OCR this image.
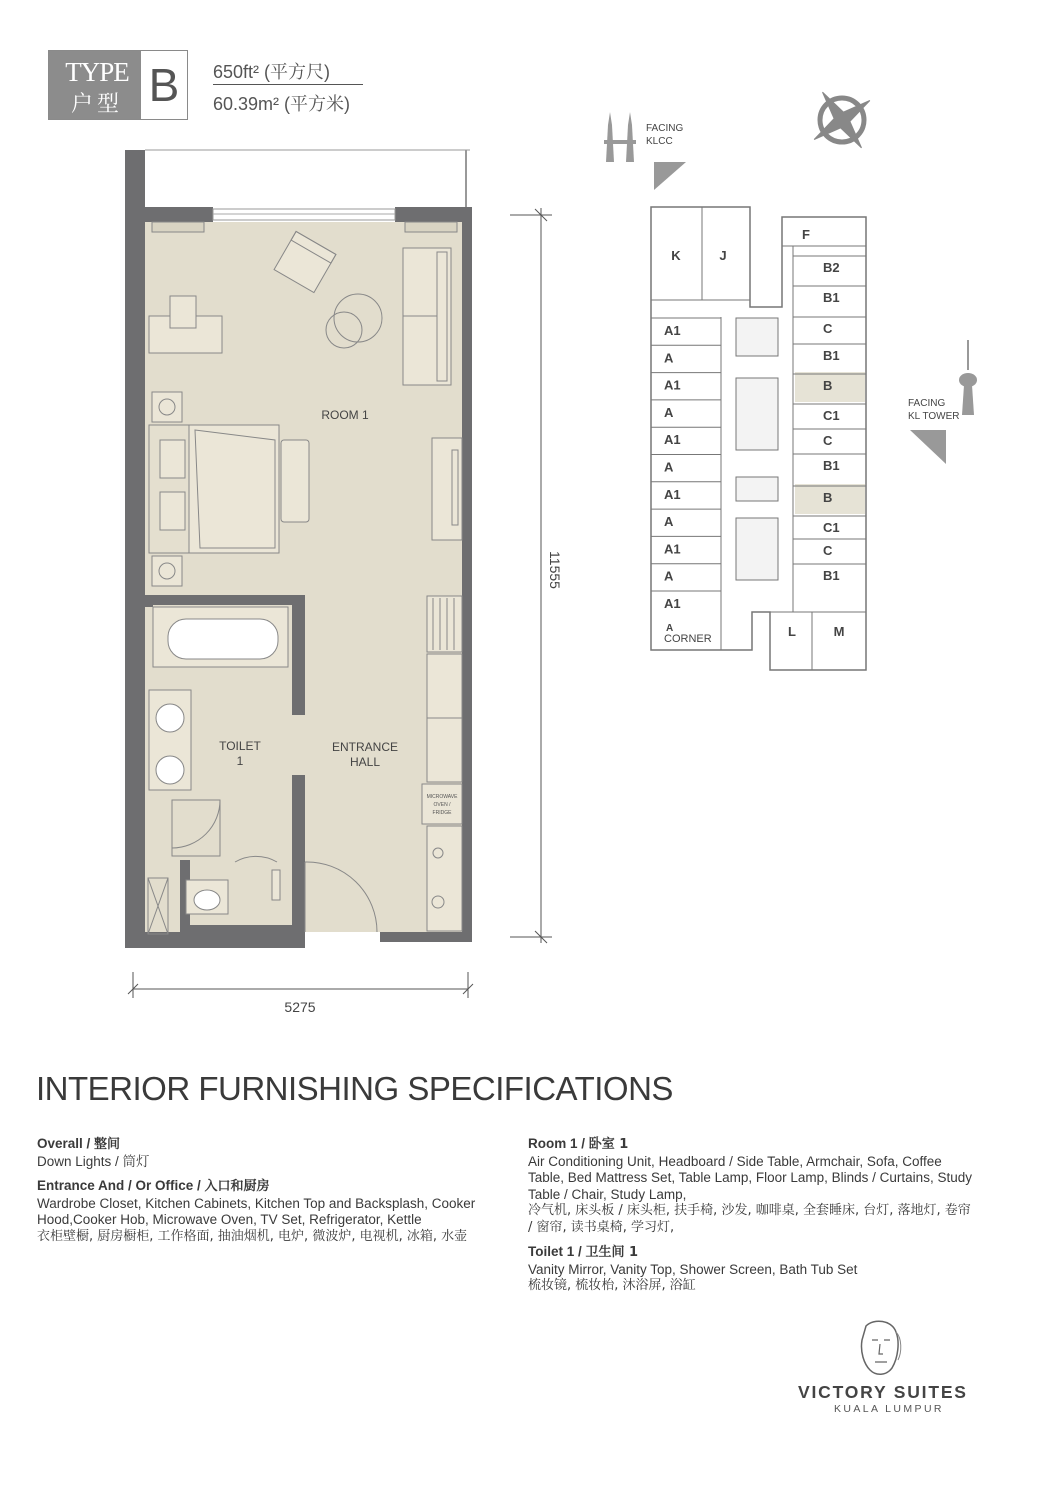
TYPE
户型 B	650ft² (平方尺)
60.39m² (平方米)
MICROWAVE
OVEN /
FRIDGE
ROOM 1
TOILET
1
ENTRANCE
HALL
5275
11555
FACING
KLCC
FACING
KL TOWER
A1
A
A1
A
A1
A
A1
A
A1
A
A1
B2
B1
C
B1
B
C1
C
B1
B
C1
C
B1
K	J
F
L	M
A
CORNER
INTERIOR FURNISHING SPECIFICATIONS
Overall / 整间
Down Lights / 筒灯
Entrance And / Or Office / 入口和厨房
Wardrobe Closet, Kitchen Cabinets, Kitchen Top and Backsplash, Cooker Hood,Cooker Hob, Microwave Oven, TV Set, Refrigerator, Kettle
衣柜壁橱, 厨房橱柜, 工作格面, 抽油烟机, 电炉, 微波炉, 电视机, 冰箱, 水壶
Room 1 / 卧室 1
Air Conditioning Unit, Headboard / Side Table, Armchair, Sofa, Coffee Table, Bed Mattress Set, Table Lamp, Floor Lamp, Blinds / Curtains, Study Table / Chair, Study Lamp,
冷气机, 床头板 / 床头柜, 扶手椅, 沙发, 咖啡桌, 全套睡床, 台灯, 落地灯, 卷帘 / 窗帘, 读书桌椅, 学习灯,
Toilet 1 / 卫生间 1
Vanity Mirror, Vanity Top, Shower Screen, Bath Tub Set
梳妆镜, 梳妆枱, 沐浴屏, 浴缸
VICTORY SUITES
KUALA LUMPUR
